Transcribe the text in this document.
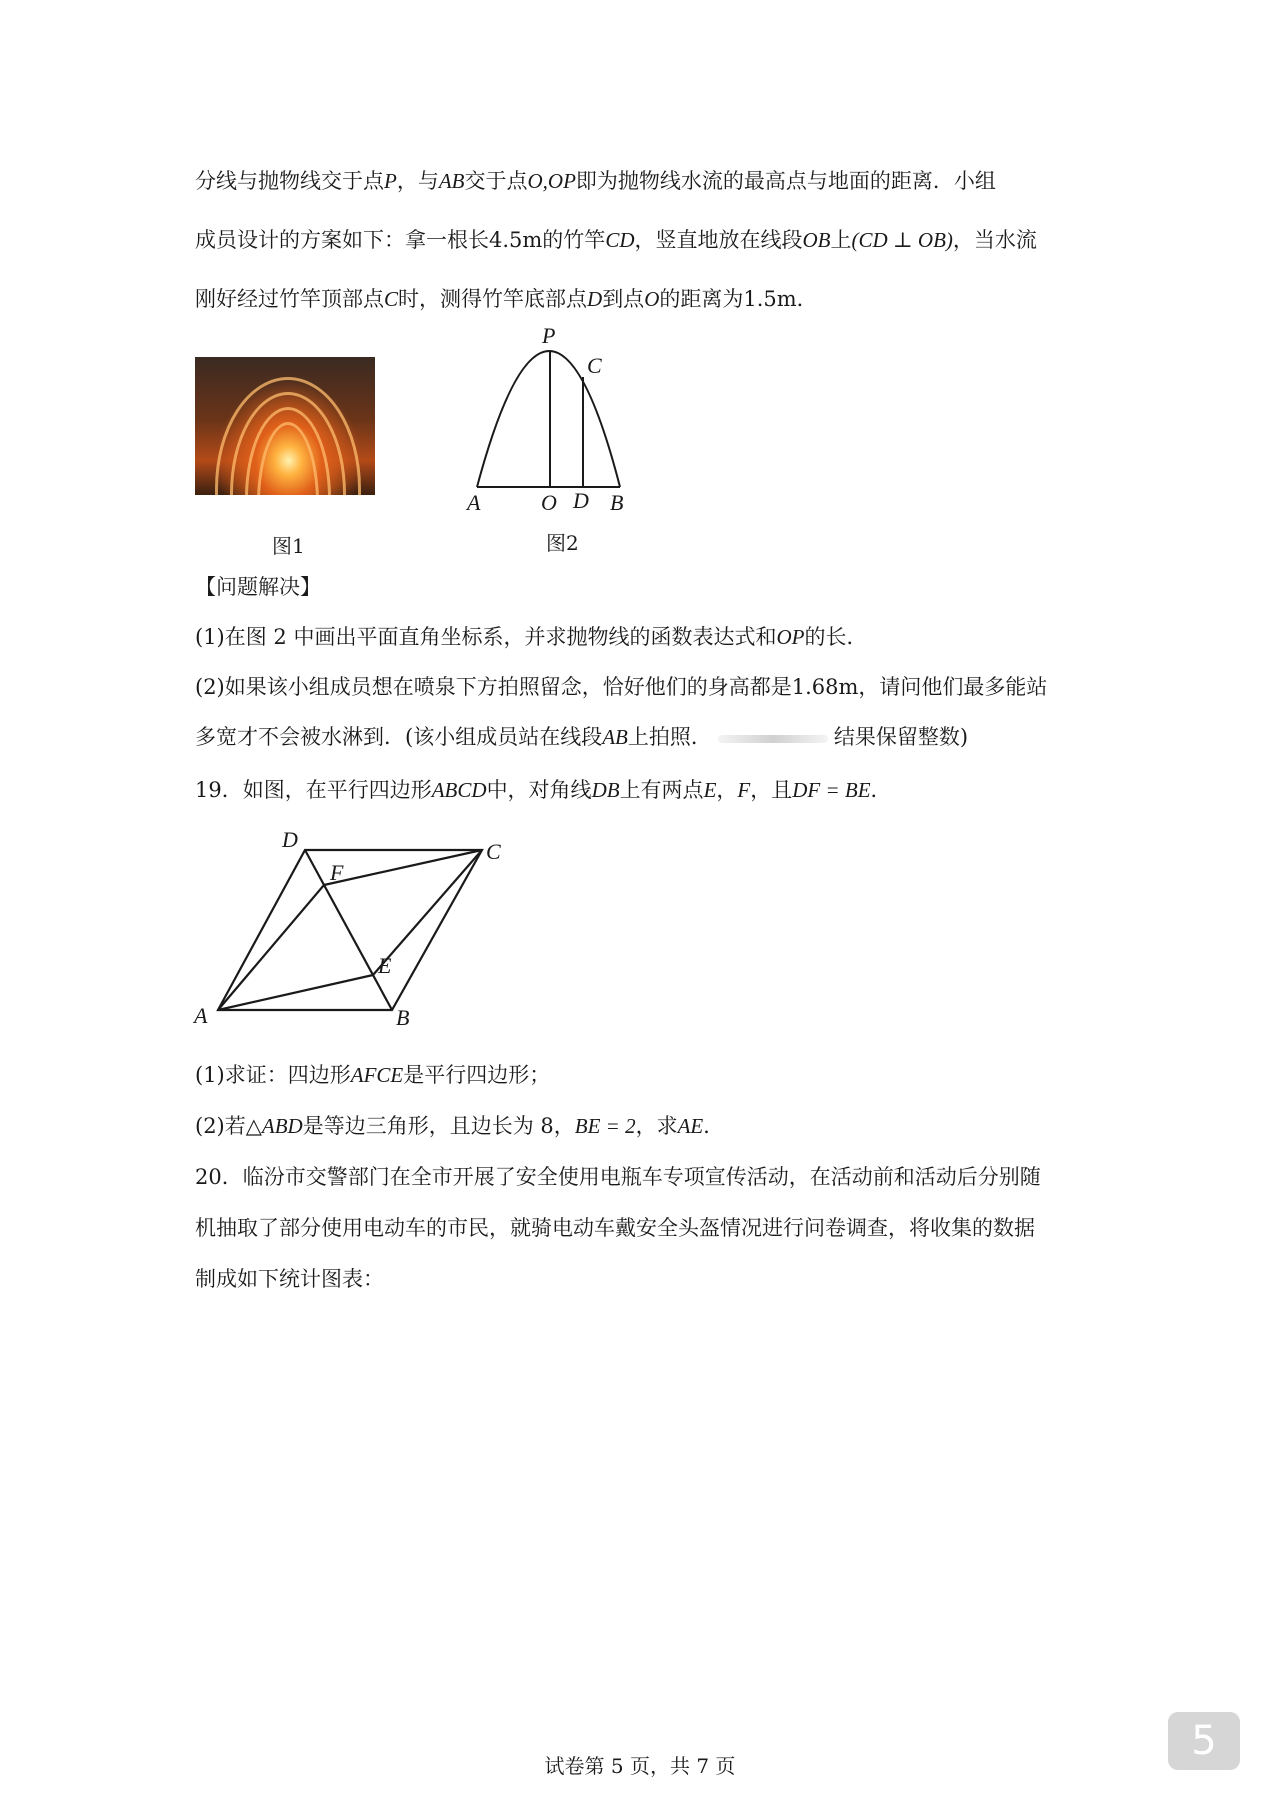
分线与抛物线交于点P，与AB交于点O,OP即为抛物线水流的最高点与地面的距离．小组
成员设计的方案如下：拿一根长4.5m的竹竿CD，竖直地放在线段OB上(CD ⊥ OB)，当水流
刚好经过竹竿顶部点C时，测得竹竿底部点D到点O的距离为1.5m．
图1
P
C
A	O D B
图2
【问题解决】
(1)在图 2 中画出平面直角坐标系，并求抛物线的函数表达式和OP的长．
(2)如果该小组成员想在喷泉下方拍照留念，恰好他们的身高都是1.68m，请问他们最多能站
多宽才不会被水淋到．(该小组成员站在线段AB上拍照．	结果保留整数)
19．如图，在平行四边形ABCD中，对角线DB上有两点E，F，且DF = BE．
D
F
C
E
A	B
(1)求证：四边形AFCE是平行四边形；
(2)若△ABD是等边三角形，且边长为 8，BE = 2，求AE．
20．临汾市交警部门在全市开展了安全使用电瓶车专项宣传活动，在活动前和活动后分别随
机抽取了部分使用电动车的市民，就骑电动车戴安全头盔情况进行问卷调查，将收集的数据
制成如下统计图表：
试卷第 5 页，共 7 页
5
